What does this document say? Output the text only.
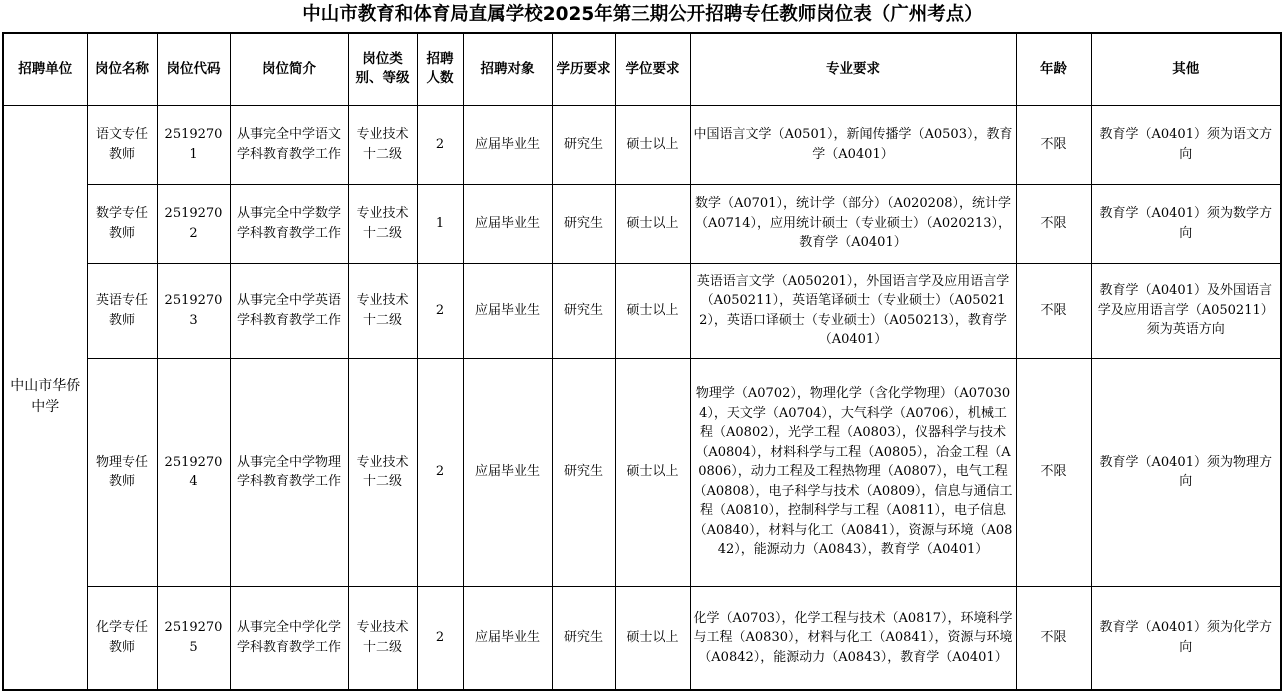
中山市教育和体育局直属学校2025年第三期公开招聘专任教师岗位表（广州考点）
招聘单位	岗位名称	岗位代码	岗位简介	岗位类别、等级	招聘人数	招聘对象	学历要求	学位要求	专业要求	年龄	其他
中山市华侨中学	语文专任教师	25192701	从事完全中学语文学科教育教学工作	专业技术十二级	2	应届毕业生	研究生	硕士以上	中国语言文学（A0501），新闻传播学（A0503），教育学（A0401）	不限	教育学（A0401）须为语文方向
	数学专任教师	25192702	从事完全中学数学学科教育教学工作	专业技术十二级	1	应届毕业生	研究生	硕士以上	数学（A0701），统计学（部分）（A020208），统计学（A0714），应用统计硕士（专业硕士）（A020213），教育学（A0401）	不限	教育学（A0401）须为数学方向
	英语专任教师	25192703	从事完全中学英语学科教育教学工作	专业技术十二级	2	应届毕业生	研究生	硕士以上	英语语言文学（A050201），外国语言学及应用语言学（A050211），英语笔译硕士（专业硕士）（A050212），英语口译硕士（专业硕士）（A050213），教育学（A0401）	不限	教育学（A0401）及外国语言学及应用语言学（A050211）须为英语方向
	物理专任教师	25192704	从事完全中学物理学科教育教学工作	专业技术十二级	2	应届毕业生	研究生	硕士以上	物理学（A0702），物理化学（含化学物理）（A070304），天文学（A0704），大气科学（A0706），机械工程（A0802），光学工程（A0803），仪器科学与技术（A0804），材料科学与工程（A0805），冶金工程（A0806），动力工程及工程热物理（A0807），电气工程（A0808），电子科学与技术（A0809），信息与通信工程（A0810），控制科学与工程（A0811），电子信息（A0840），材料与化工（A0841），资源与环境（A0842），能源动力（A0843），教育学（A0401）	不限	教育学（A0401）须为物理方向
	化学专任教师	25192705	从事完全中学化学学科教育教学工作	专业技术十二级	2	应届毕业生	研究生	硕士以上	化学（A0703），化学工程与技术（A0817），环境科学与工程（A0830），材料与化工（A0841），资源与环境（A0842），能源动力（A0843），教育学（A0401）	不限	教育学（A0401）须为化学方向
